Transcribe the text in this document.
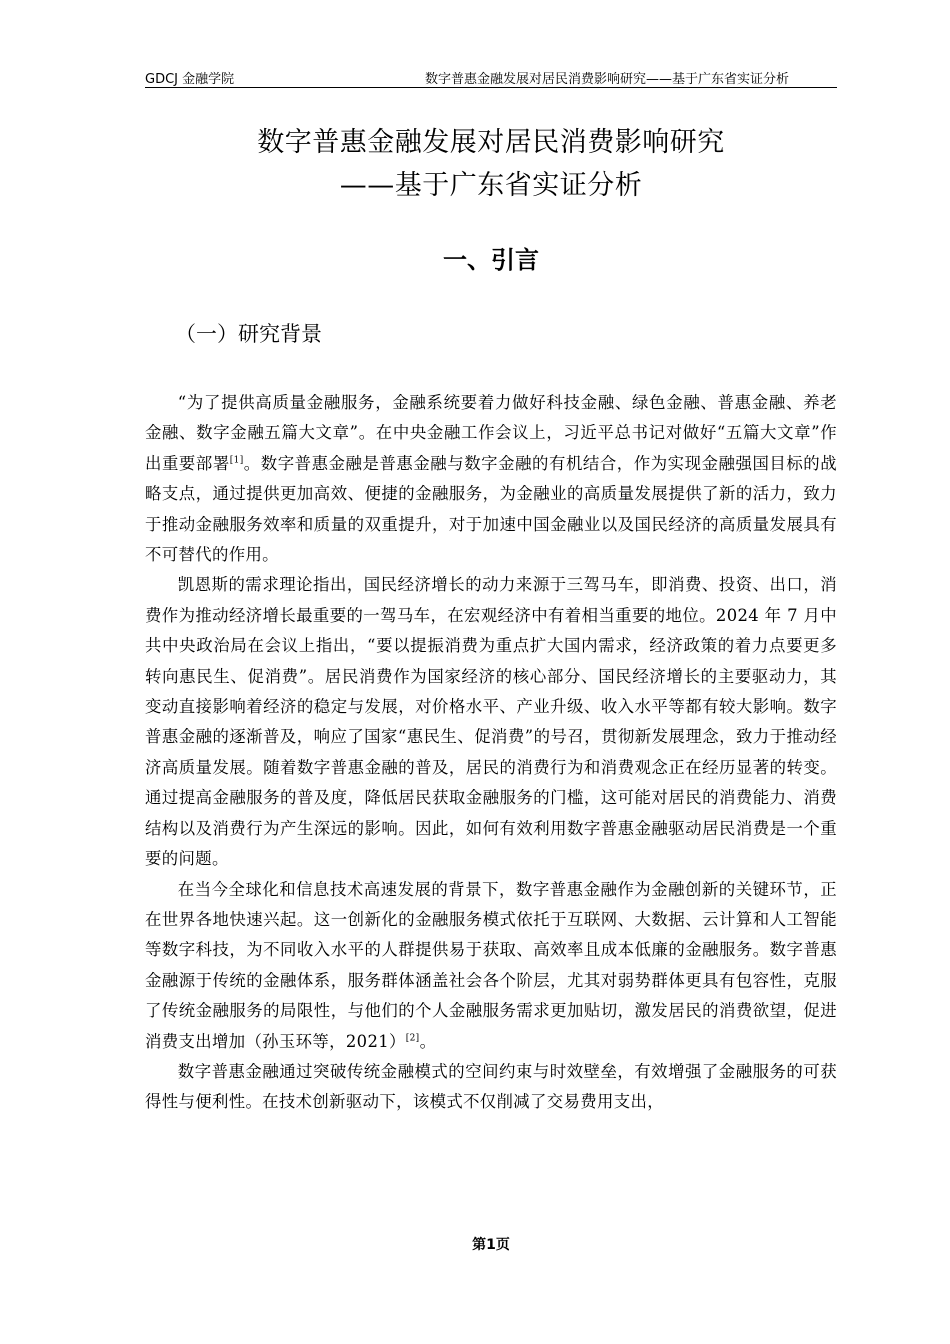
GDCJ 金融学院	数字普惠金融发展对居民消费影响研究——基于广东省实证分析
数字普惠金融发展对居民消费影响研究
——基于广东省实证分析
一、引言
（一）研究背景

“为了提供高质量金融服务，金融系统要着力做好科技金融、绿色金融、普惠金融、养老金融、数字金融五篇大文章”。在中央金融工作会议上，习近平总书记对做好“五篇大文章”作出重要部署[1]。数字普惠金融是普惠金融与数字金融的有机结合，作为实现金融强国目标的战略支点，通过提供更加高效、便捷的金融服务，为金融业的高质量发展提供了新的活力，致力于推动金融服务效率和质量的双重提升，对于加速中国金融业以及国民经济的高质量发展具有不可替代的作用。

凯恩斯的需求理论指出，国民经济增长的动力来源于三驾马车，即消费、投资、出口，消费作为推动经济增长最重要的一驾马车，在宏观经济中有着相当重要的地位。2024 年 7 月中共中央政治局在会议上指出，“要以提振消费为重点扩大国内需求，经济政策的着力点要更多转向惠民生、促消费”。居民消费作为国家经济的核心部分、国民经济增长的主要驱动力，其变动直接影响着经济的稳定与发展，对价格水平、产业升级、收入水平等都有较大影响。数字普惠金融的逐渐普及，响应了国家“惠民生、促消费”的号召，贯彻新发展理念，致力于推动经济高质量发展。随着数字普惠金融的普及，居民的消费行为和消费观念正在经历显著的转变。通过提高金融服务的普及度，降低居民获取金融服务的门槛，这可能对居民的消费能力、消费结构以及消费行为产生深远的影响。因此，如何有效利用数字普惠金融驱动居民消费是一个重要的问题。

在当今全球化和信息技术高速发展的背景下，数字普惠金融作为金融创新的关键环节，正在世界各地快速兴起。这一创新化的金融服务模式依托于互联网、大数据、云计算和人工智能等数字科技，为不同收入水平的人群提供易于获取、高效率且成本低廉的金融服务。数字普惠金融源于传统的金融体系，服务群体涵盖社会各个阶层，尤其对弱势群体更具有包容性，克服了传统金融服务的局限性，与他们的个人金融服务需求更加贴切，激发居民的消费欲望，促进消费支出增加（孙玉环等，2021）[2]。

数字普惠金融通过突破传统金融模式的空间约束与时效壁垒，有效增强了金融服务的可获得性与便利性。在技术创新驱动下，该模式不仅削减了交易费用支出，

第1页
